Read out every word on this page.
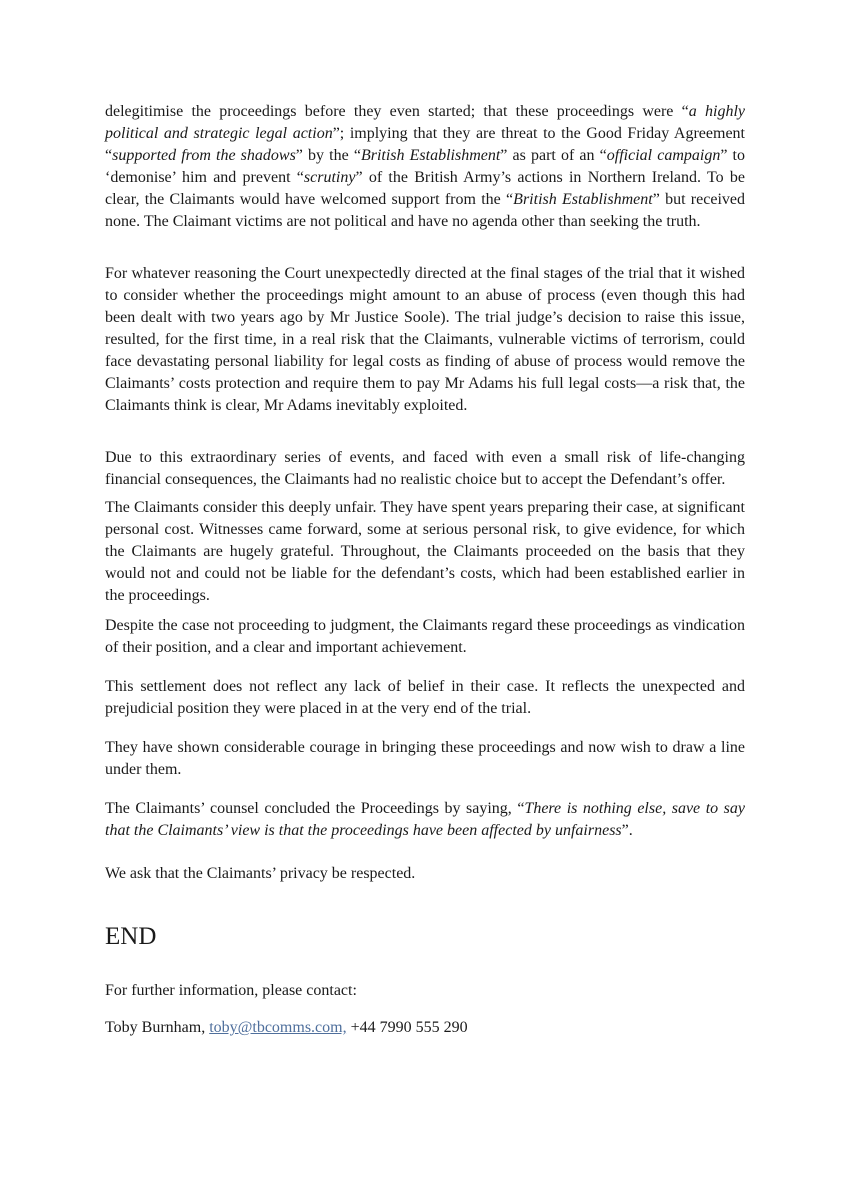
delegitimise the proceedings before they even started; that these proceedings were “a highly political and strategic legal action”; implying that they are threat to the Good Friday Agreement “supported from the shadows” by the “British Establishment” as part of an “official campaign” to ‘demonise’ him and prevent “scrutiny” of the British Army’s actions in Northern Ireland. To be clear, the Claimants would have welcomed support from the “British Establishment” but received none. The Claimant victims are not political and have no agenda other than seeking the truth.

For whatever reasoning the Court unexpectedly directed at the final stages of the trial that it wished to consider whether the proceedings might amount to an abuse of process (even though this had been dealt with two years ago by Mr Justice Soole). The trial judge’s decision to raise this issue, resulted, for the first time, in a real risk that the Claimants, vulnerable victims of terrorism, could face devastating personal liability for legal costs as finding of abuse of process would remove the Claimants’ costs protection and require them to pay Mr Adams his full legal costs—a risk that, the Claimants think is clear, Mr Adams inevitably exploited.

Due to this extraordinary series of events, and faced with even a small risk of life-changing financial consequences, the Claimants had no realistic choice but to accept the Defendant’s offer.

The Claimants consider this deeply unfair. They have spent years preparing their case, at significant personal cost. Witnesses came forward, some at serious personal risk, to give evidence, for which the Claimants are hugely grateful. Throughout, the Claimants proceeded on the basis that they would not and could not be liable for the defendant’s costs, which had been established earlier in the proceedings.

Despite the case not proceeding to judgment, the Claimants regard these proceedings as vindication of their position, and a clear and important achievement.

This settlement does not reflect any lack of belief in their case. It reflects the unexpected and prejudicial position they were placed in at the very end of the trial.

They have shown considerable courage in bringing these proceedings and now wish to draw a line under them.

The Claimants’ counsel concluded the Proceedings by saying, “There is nothing else, save to say that the Claimants’ view is that the proceedings have been affected by unfairness”.

We ask that the Claimants’ privacy be respected.

END

For further information, please contact:

Toby Burnham, toby@tbcomms.com, +44 7990 555 290
